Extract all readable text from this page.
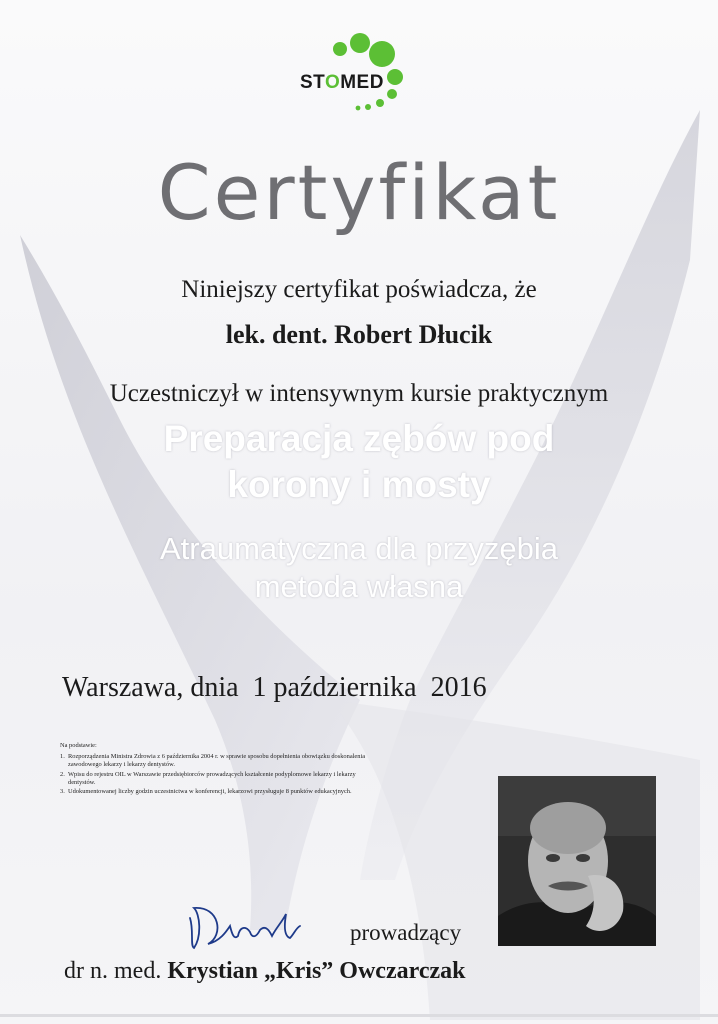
STOMED
Certyfikat
Niniejszy certyfikat poświadcza, że
lek. dent. Robert Dłucik
Uczestniczył w intensywnym kursie praktycznym
Preparacja zębów pod
korony i mosty
Atraumatyczna dla przyzębia
metoda własna
Warszawa, dnia  1 października  2016
Na podstawie:
1. Rozporządzenia Ministra Zdrowia z 6 października 2004 r. w sprawie sposobu dopełnienia obowiązku doskonalenia zawodowego lekarzy i lekarzy dentystów.
2. Wpisu do rejestru OIL w Warszawie przedsiębiorców prowadzących kształcenie podyplomowe lekarzy i lekarzy dentystów.
3. Udokumentowanej liczby godzin uczestnictwa w konferencji, lekarzowi przysługuje 8 punktów edukacyjnych.
prowadzący
dr n. med. Krystian „Kris” Owczarczak
